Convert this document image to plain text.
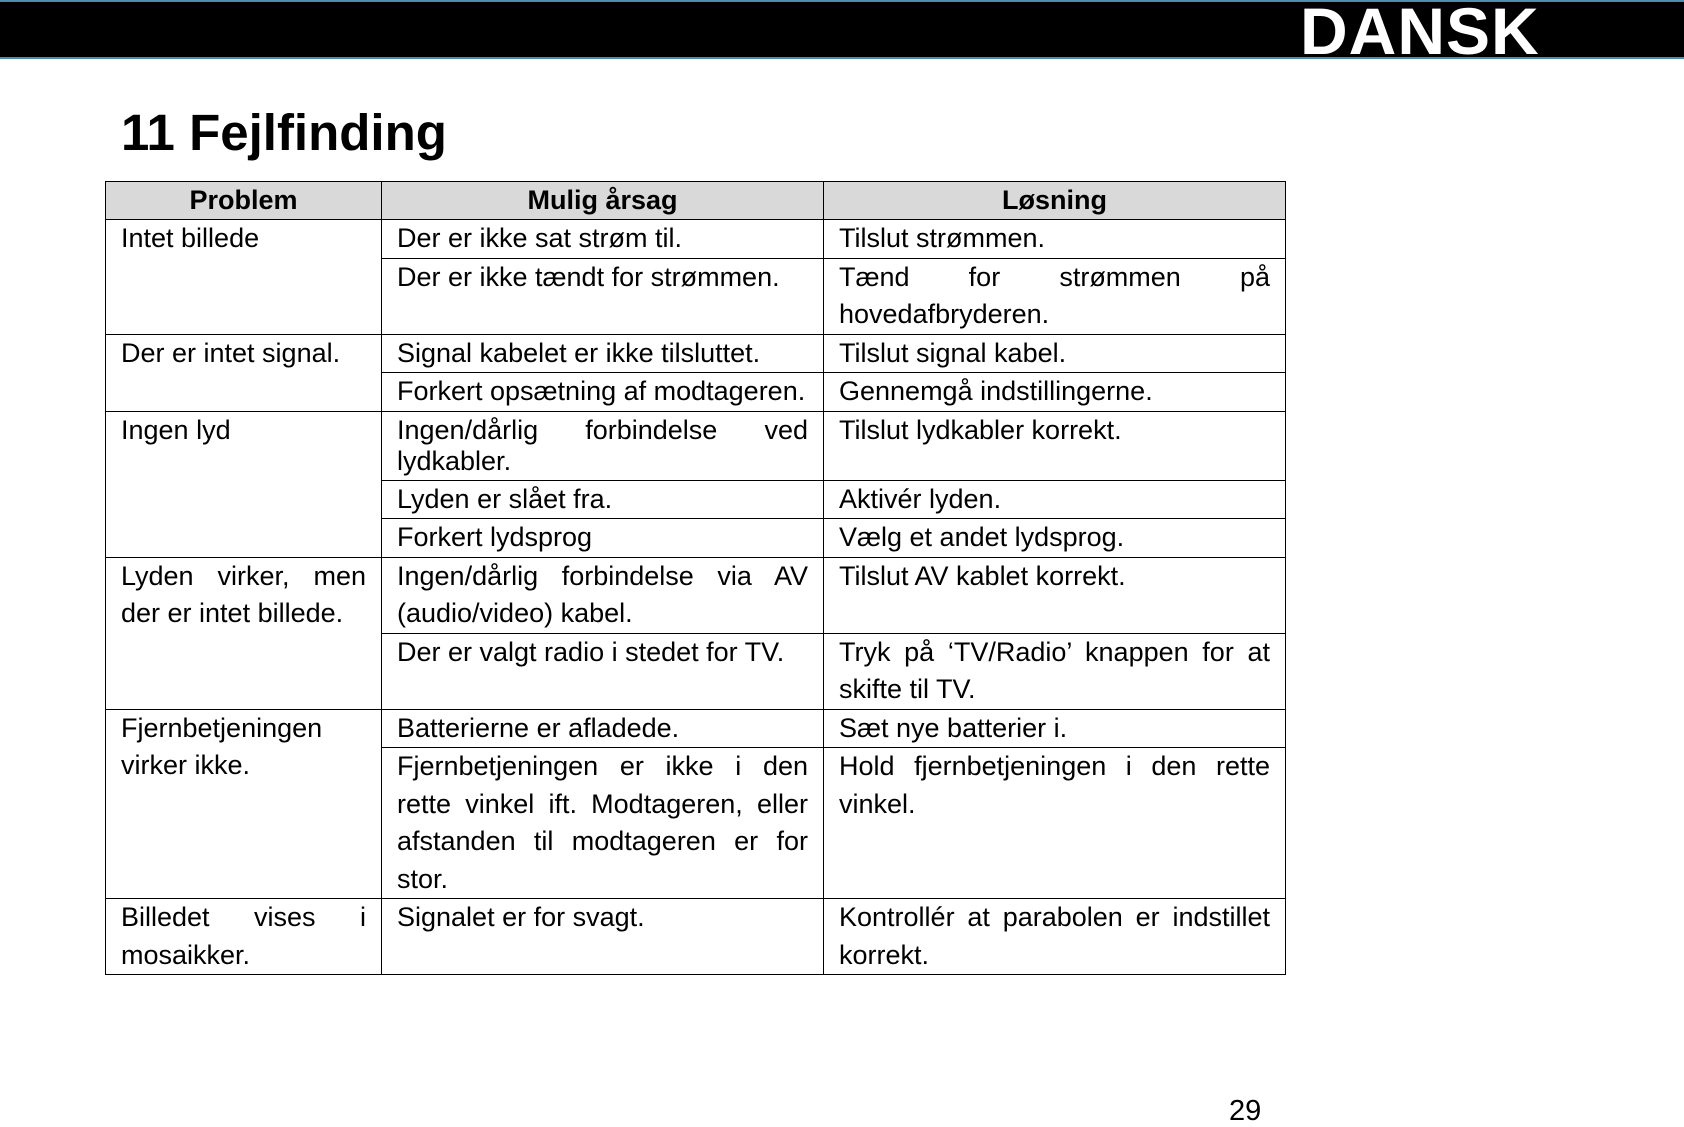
DANSK
11 Fejlfinding
Problem	Mulig årsag	Løsning
Intet billede	Der er ikke sat strøm til.	Tilslut strømmen.
	Der er ikke tændt for strømmen.	Tænd for strømmen på hovedafbryderen.
Der er intet signal.	Signal kabelet er ikke tilsluttet.	Tilslut signal kabel.
	Forkert opsætning af modtageren.	Gennemgå indstillingerne.
Ingen lyd	Ingen/dårlig forbindelse ved lydkabler.	Tilslut lydkabler korrekt.
	Lyden er slået fra.	Aktivér lyden.
	Forkert lydsprog	Vælg et andet lydsprog.
Lyden virker, men der er intet billede.	Ingen/dårlig forbindelse via AV (audio/video) kabel.	Tilslut AV kablet korrekt.
	Der er valgt radio i stedet for TV.	Tryk på ‘TV/Radio’ knappen for at skifte til TV.
Fjernbetjeningen virker ikke.	Batterierne er afladede.	Sæt nye batterier i.
	Fjernbetjeningen er ikke i den rette vinkel ift. Modtageren, eller afstanden til modtageren er for stor.	Hold fjernbetjeningen i den rette vinkel.
Billedet vises i mosaikker.	Signalet er for svagt.	Kontrollér at parabolen er indstillet korrekt.
29
